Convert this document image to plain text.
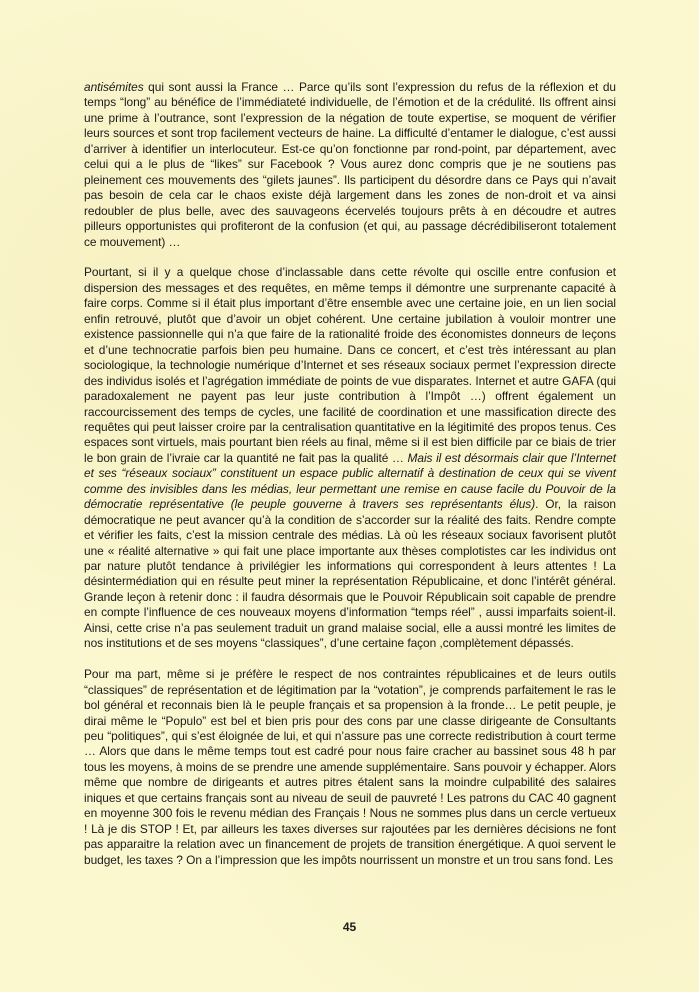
antisémites qui sont aussi la France … Parce qu’ils sont l’expression du refus de la réflexion et du temps “long” au bénéfice de l’immédiateté individuelle, de l’émotion et de la crédulité. Ils offrent ainsi une prime à l’outrance, sont l’expression de la négation de toute expertise, se moquent de vérifier leurs sources et sont trop facilement vecteurs de haine. La difficulté d’entamer le dialogue, c’est aussi d’arriver à identifier un interlocuteur. Est-ce qu’on fonctionne par rond-point, par département, avec celui qui a le plus de “likes” sur Facebook ? Vous aurez donc compris que je ne soutiens pas pleinement ces mouvements des “gilets jaunes”. Ils participent du désordre dans ce Pays qui n’avait pas besoin de cela car le chaos existe déjà largement dans les zones de non-droit et va ainsi redoubler de plus belle, avec des sauvageons écervelés toujours prêts à en découdre et autres pilleurs opportunistes qui profiteront de la confusion (et qui, au passage décrédibiliseront totalement ce mouvement) …

Pourtant, si il y a quelque chose d’inclassable dans cette révolte qui oscille entre confusion et dispersion des messages et des requêtes, en même temps il démontre une surprenante capacité à faire corps. Comme si il était plus important d’être ensemble avec une certaine joie, en un lien social enfin retrouvé, plutôt que d’avoir un objet cohérent. Une certaine jubilation à vouloir montrer une existence passionnelle qui n’a que faire de la rationalité froide des économistes donneurs de leçons et d’une technocratie parfois bien peu humaine. Dans ce concert, et c’est très intéressant au plan sociologique, la technologie numérique d’Internet et ses réseaux sociaux permet l’expression directe des individus isolés et l’agrégation immédiate de points de vue disparates. Internet et autre GAFA (qui paradoxalement ne payent pas leur juste contribution à l’Impôt …) offrent également un raccourcissement des temps de cycles, une facilité de coordination et une massification directe des requêtes qui peut laisser croire par la centralisation quantitative en la légitimité des propos tenus. Ces espaces sont virtuels, mais pourtant bien réels au final, même si il est bien difficile par ce biais de trier le bon grain de l’ivraie car la quantité ne fait pas la qualité … Mais il est désormais clair que l’Internet et ses “réseaux sociaux” constituent un espace public alternatif à destination de ceux qui se vivent comme des invisibles dans les médias, leur permettant une remise en cause facile du Pouvoir de la démocratie représentative (le peuple gouverne à travers ses représentants élus). Or, la raison démocratique ne peut avancer qu’à la condition de s’accorder sur la réalité des faits. Rendre compte et vérifier les faits, c’est la mission centrale des médias. Là où les réseaux sociaux favorisent plutôt une « réalité alternative » qui fait une place importante aux thèses complotistes car les individus ont par nature plutôt tendance à privilégier les informations qui correspondent à leurs attentes ! La désintermédiation qui en résulte peut miner la représentation Républicaine, et donc l’intérêt général. Grande leçon à retenir donc : il faudra désormais que le Pouvoir Républicain soit capable de prendre en compte l’influence de ces nouveaux moyens d’information “temps réel” , aussi imparfaits soient-il. Ainsi, cette crise n’a pas seulement traduit un grand malaise social, elle a aussi montré les limites de nos institutions et de ses moyens “classiques”, d’une certaine façon ,complètement dépassés.

Pour ma part, même si je préfère le respect de nos contraintes républicaines et de leurs outils “classiques” de représentation et de légitimation par la “votation”, je comprends parfaitement le ras le bol général et reconnais bien là le peuple français et sa propension à la fronde… Le petit peuple, je dirai même le “Populo” est bel et bien pris pour des cons par une classe dirigeante de Consultants peu “politiques”, qui s’est éloignée de lui, et qui n’assure pas une correcte redistribution à court terme … Alors que dans le même temps tout est cadré pour nous faire cracher au bassinet sous 48 h par tous les moyens, à moins de se prendre une amende supplémentaire. Sans pouvoir y échapper. Alors même que nombre de dirigeants et autres pitres étalent sans la moindre culpabilité des salaires iniques et que certains français sont au niveau de seuil de pauvreté ! Les patrons du CAC 40 gagnent en moyenne 300 fois le revenu médian des Français ! Nous ne sommes plus dans un cercle vertueux ! Là je dis STOP ! Et, par ailleurs les taxes diverses sur rajoutées par les dernières décisions ne font pas apparaitre la relation avec un financement de projets de transition énergétique. A quoi servent le budget, les taxes ? On a l’impression que les impôts nourrissent un monstre et un trou sans fond. Les

45
